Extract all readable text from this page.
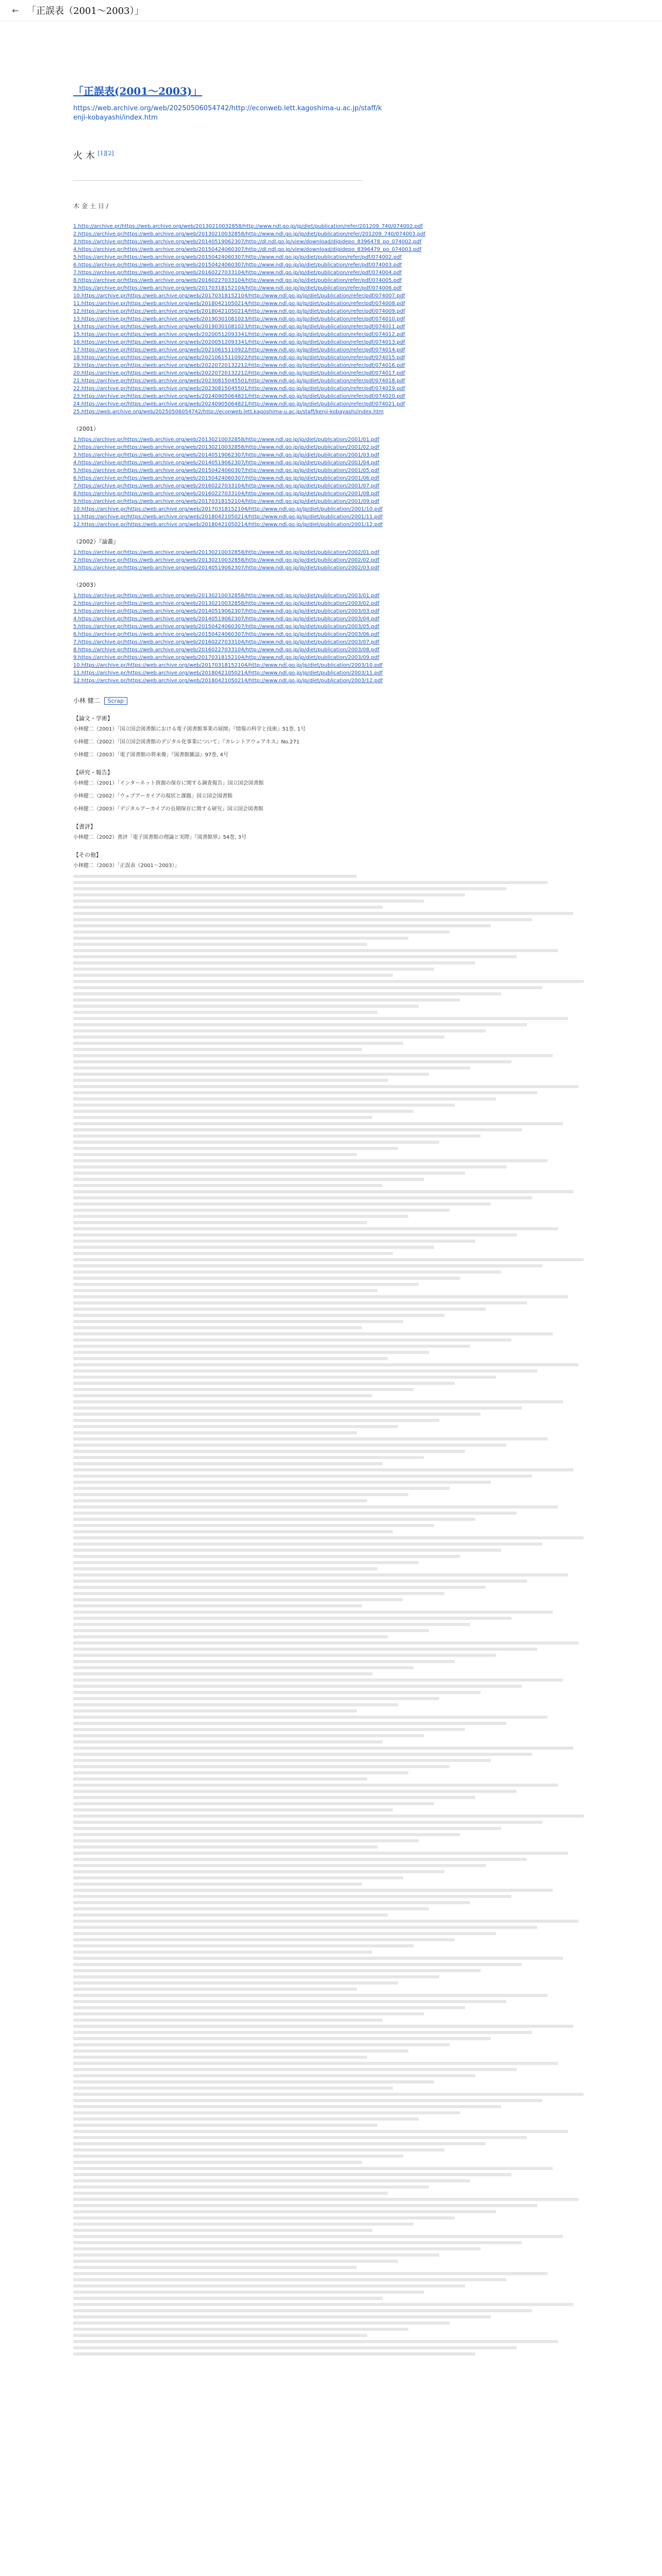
← 「正誤表（2001〜2003）」
「正誤表(2001～2003)」
https://web.archive.org/web/20250506054742/http://econweb.lett.kagoshima-u.ac.jp/staff/kenji-kobayashi/index.htm
火 木 [1][2]
木 金 土 日 /
1.http://archive.pr/https://web.archive.org/web/20130210032858/http://www.ndl.go.jp/jp/diet/publication/refer/201209_740/074002.pdf
2.https://archive.pr/https://web.archive.org/web/20130210032858/http://www.ndl.go.jp/jp/diet/publication/refer/201209_740/074003.pdf
3.https://archive.pr/https://web.archive.org/web/20140519062307/http://dl.ndl.go.jp/view/download/digidepo_8396478_po_074002.pdf
4.https://archive.pr/https://web.archive.org/web/20150424060307/http://dl.ndl.go.jp/view/download/digidepo_8396479_po_074003.pdf
5.https://archive.pr/https://web.archive.org/web/20150424060307/http://www.ndl.go.jp/jp/diet/publication/refer/pdf/074002.pdf
6.https://archive.pr/https://web.archive.org/web/20150424060307/http://www.ndl.go.jp/jp/diet/publication/refer/pdf/074003.pdf
7.https://archive.pr/https://web.archive.org/web/20160227033104/http://www.ndl.go.jp/jp/diet/publication/refer/pdf/074004.pdf
8.https://archive.pr/https://web.archive.org/web/20160227033104/http://www.ndl.go.jp/jp/diet/publication/refer/pdf/074005.pdf
9.https://archive.pr/https://web.archive.org/web/20170318152104/http://www.ndl.go.jp/jp/diet/publication/refer/pdf/074006.pdf
10.https://archive.pr/https://web.archive.org/web/20170318152104/http://www.ndl.go.jp/jp/diet/publication/refer/pdf/074007.pdf
11.https://archive.pr/https://web.archive.org/web/20180421050214/http://www.ndl.go.jp/jp/diet/publication/refer/pdf/074008.pdf
12.https://archive.pr/https://web.archive.org/web/20180421050214/http://www.ndl.go.jp/jp/diet/publication/refer/pdf/074009.pdf
13.https://archive.pr/https://web.archive.org/web/20190301081023/http://www.ndl.go.jp/jp/diet/publication/refer/pdf/074010.pdf
14.https://archive.pr/https://web.archive.org/web/20190301081023/http://www.ndl.go.jp/jp/diet/publication/refer/pdf/074011.pdf
15.https://archive.pr/https://web.archive.org/web/20200512093341/http://www.ndl.go.jp/jp/diet/publication/refer/pdf/074012.pdf
16.https://archive.pr/https://web.archive.org/web/20200512093341/http://www.ndl.go.jp/jp/diet/publication/refer/pdf/074013.pdf
17.https://archive.pr/https://web.archive.org/web/20210615110922/http://www.ndl.go.jp/jp/diet/publication/refer/pdf/074014.pdf
18.https://archive.pr/https://web.archive.org/web/20210615110922/http://www.ndl.go.jp/jp/diet/publication/refer/pdf/074015.pdf
19.https://archive.pr/https://web.archive.org/web/20220720132212/http://www.ndl.go.jp/jp/diet/publication/refer/pdf/074016.pdf
20.https://archive.pr/https://web.archive.org/web/20220720132212/http://www.ndl.go.jp/jp/diet/publication/refer/pdf/074017.pdf
21.https://archive.pr/https://web.archive.org/web/20230815045501/http://www.ndl.go.jp/jp/diet/publication/refer/pdf/074018.pdf
22.https://archive.pr/https://web.archive.org/web/20230815045501/http://www.ndl.go.jp/jp/diet/publication/refer/pdf/074019.pdf
23.https://archive.pr/https://web.archive.org/web/20240905064821/http://www.ndl.go.jp/jp/diet/publication/refer/pdf/074020.pdf
24.https://archive.pr/https://web.archive.org/web/20240905064821/http://www.ndl.go.jp/jp/diet/publication/refer/pdf/074021.pdf
25.https://web.archive.org/web/20250506054742/http://econweb.lett.kagoshima-u.ac.jp/staff/kenji-kobayashi/index.htm
（2001）
1.https://archive.pr/https://web.archive.org/web/20130210032858/http://www.ndl.go.jp/jp/diet/publication/2001/01.pdf
2.https://archive.pr/https://web.archive.org/web/20130210032858/http://www.ndl.go.jp/jp/diet/publication/2001/02.pdf
3.https://archive.pr/https://web.archive.org/web/20140519062307/http://www.ndl.go.jp/jp/diet/publication/2001/03.pdf
4.https://archive.pr/https://web.archive.org/web/20140519062307/http://www.ndl.go.jp/jp/diet/publication/2001/04.pdf
5.https://archive.pr/https://web.archive.org/web/20150424060307/http://www.ndl.go.jp/jp/diet/publication/2001/05.pdf
6.https://archive.pr/https://web.archive.org/web/20150424060307/http://www.ndl.go.jp/jp/diet/publication/2001/06.pdf
7.https://archive.pr/https://web.archive.org/web/20160227033104/http://www.ndl.go.jp/jp/diet/publication/2001/07.pdf
8.https://archive.pr/https://web.archive.org/web/20160227033104/http://www.ndl.go.jp/jp/diet/publication/2001/08.pdf
9.https://archive.pr/https://web.archive.org/web/20170318152104/http://www.ndl.go.jp/jp/diet/publication/2001/09.pdf
10.https://archive.pr/https://web.archive.org/web/20170318152104/http://www.ndl.go.jp/jp/diet/publication/2001/10.pdf
11.https://archive.pr/https://web.archive.org/web/20180421050214/http://www.ndl.go.jp/jp/diet/publication/2001/11.pdf
12.https://archive.pr/https://web.archive.org/web/20180421050214/http://www.ndl.go.jp/jp/diet/publication/2001/12.pdf
（2002）『論叢』
1.https://archive.pr/https://web.archive.org/web/20130210032858/http://www.ndl.go.jp/jp/diet/publication/2002/01.pdf
2.https://archive.pr/https://web.archive.org/web/20130210032858/http://www.ndl.go.jp/jp/diet/publication/2002/02.pdf
3.https://archive.pr/https://web.archive.org/web/20140519062307/http://www.ndl.go.jp/jp/diet/publication/2002/03.pdf
（2003）
1.https://archive.pr/https://web.archive.org/web/20130210032858/http://www.ndl.go.jp/jp/diet/publication/2003/01.pdf
2.https://archive.pr/https://web.archive.org/web/20130210032858/http://www.ndl.go.jp/jp/diet/publication/2003/02.pdf
3.https://archive.pr/https://web.archive.org/web/20140519062307/http://www.ndl.go.jp/jp/diet/publication/2003/03.pdf
4.https://archive.pr/https://web.archive.org/web/20140519062307/http://www.ndl.go.jp/jp/diet/publication/2003/04.pdf
5.https://archive.pr/https://web.archive.org/web/20150424060307/http://www.ndl.go.jp/jp/diet/publication/2003/05.pdf
6.https://archive.pr/https://web.archive.org/web/20150424060307/http://www.ndl.go.jp/jp/diet/publication/2003/06.pdf
7.https://archive.pr/https://web.archive.org/web/20160227033104/http://www.ndl.go.jp/jp/diet/publication/2003/07.pdf
8.https://archive.pr/https://web.archive.org/web/20160227033104/http://www.ndl.go.jp/jp/diet/publication/2003/08.pdf
9.https://archive.pr/https://web.archive.org/web/20170318152104/http://www.ndl.go.jp/jp/diet/publication/2003/09.pdf
10.https://archive.pr/https://web.archive.org/web/20170318152104/http://www.ndl.go.jp/jp/diet/publication/2003/10.pdf
11.https://archive.pr/https://web.archive.org/web/20180421050214/http://www.ndl.go.jp/jp/diet/publication/2003/11.pdf
12.https://archive.pr/https://web.archive.org/web/20180421050214/http://www.ndl.go.jp/jp/diet/publication/2003/12.pdf
小林 健二 Scrap
【論文・学術】
小林健二（2001）「国立国会図書館における電子図書館事業の展開」『情報の科学と技術』51巻, 1号
小林健二（2002）「国立国会図書館のデジタル化事業について」『カレントアウェアネス』No.271
小林健二（2003）「電子図書館の将来像」『図書館雑誌』97巻, 4号
【研究・報告】
小林健二（2001）「インターネット資源の保存に関する調査報告」国立国会図書館
小林健二（2002）「ウェブアーカイブの現状と課題」国立国会図書館
小林健二（2003）「デジタルアーカイブの長期保存に関する研究」国立国会図書館
【書評】
小林健二（2002）書評「電子図書館の理論と実際」『図書館界』54巻, 3号
【その他】
小林健二（2003）「正誤表（2001〜2003）」
